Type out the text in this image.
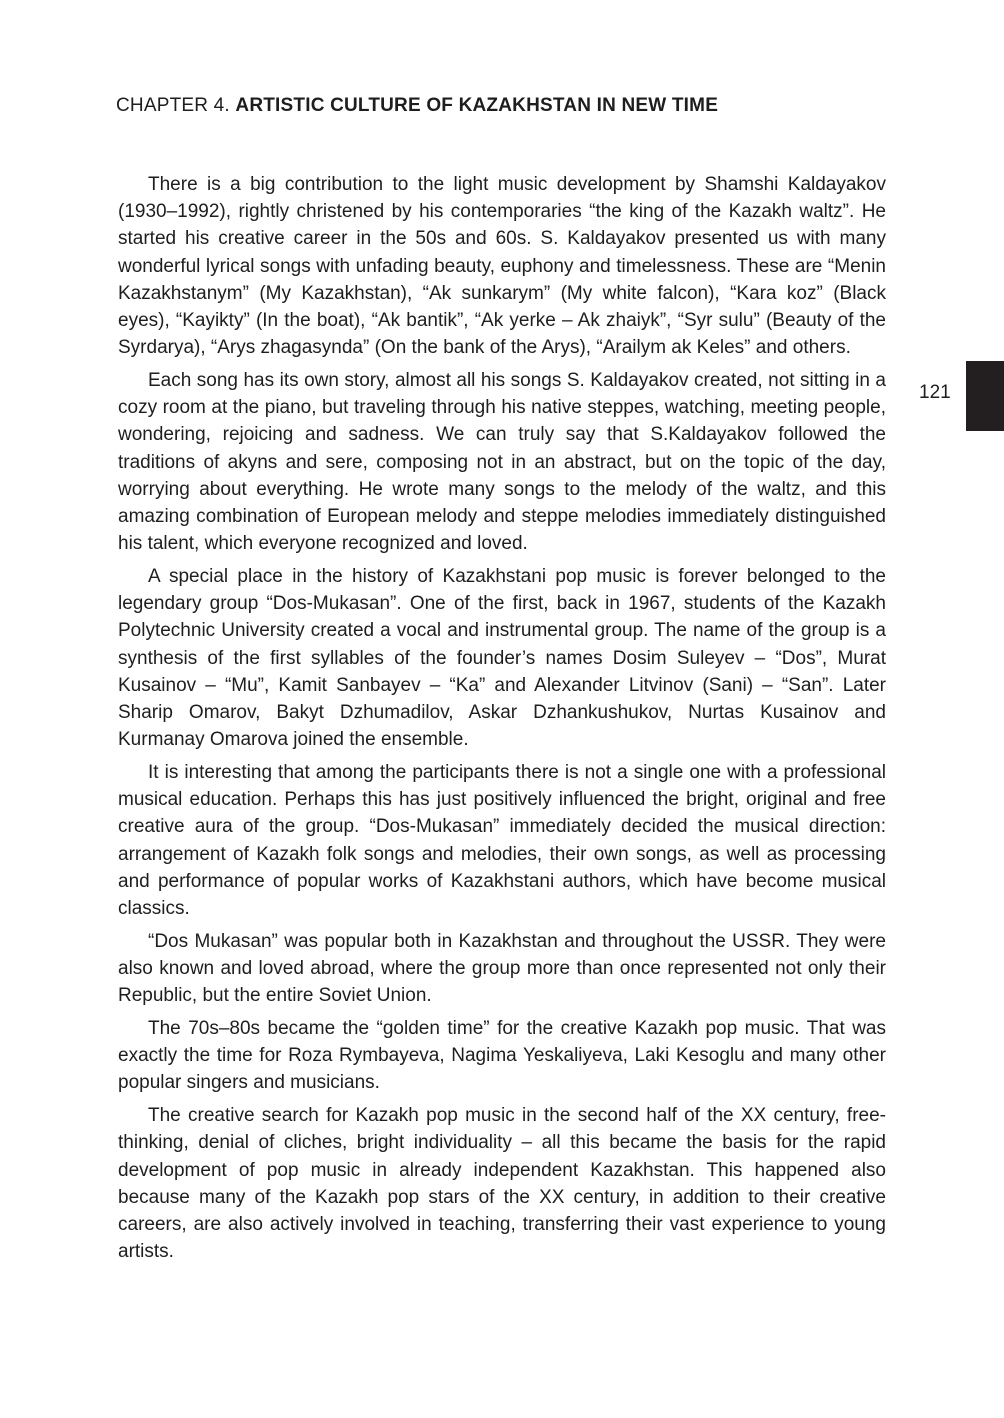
CHAPTER 4. ARTISTIC CULTURE OF KAZAKHSTAN IN NEW TIME

There is a big contribution to the light music development by Shamshi Kaldayakov (1930–1992), rightly christened by his contemporaries “the king of the Kazakh waltz”. He started his creative career in the 50s and 60s. S. Kaldayakov presented us with many wonderful lyrical songs with unfading beauty, euphony and timelessness. These are “Menin Kazakhstanym” (My Kazakhstan), “Ak sunkarym” (My white falcon), “Kara koz” (Black eyes), “Kayikty” (In the boat), “Ak bantik”, “Ak yerke – Ak zhaiyk”, “Syr sulu” (Beauty of the Syrdarya), “Arys zhagasynda” (On the bank of the Arys), “Arailym ak Keles” and others.

Each song has its own story, almost all his songs S. Kaldayakov created, not sitting in a cozy room at the piano, but traveling through his native steppes, watching, meeting people, wondering, rejoicing and sadness. We can truly say that S.Kaldayakov followed the traditions of akyns and sere, composing not in an abstract, but on the topic of the day, worrying about everything. He wrote many songs to the melody of the waltz, and this amazing combination of European melody and steppe melodies immediately distinguished his talent, which everyone recognized and loved.

A special place in the history of Kazakhstani pop music is forever belonged to the legendary group “Dos-Mukasan”. One of the first, back in 1967, students of the Kazakh Polytechnic University created a vocal and instrumental group. The name of the group is a synthesis of the first syllables of the founder’s names Dosim Suleyev – “Dos”, Murat Kusainov – “Mu”, Kamit Sanbayev – “Ka” and Alexander Litvinov (Sani) – “San”. Later Sharip Omarov, Bakyt Dzhumadilov, Askar Dzhankushukov, Nurtas Kusainov and Kurmanay Omarova joined the ensemble.

It is interesting that among the participants there is not a single one with a professional musical education. Perhaps this has just positively influenced the bright, original and free creative aura of the group. “Dos-Mukasan” immediately decided the musical direction: arrangement of Kazakh folk songs and melodies, their own songs, as well as processing and performance of popular works of Kazakhstani authors, which have become musical classics.

“Dos Mukasan” was popular both in Kazakhstan and throughout the USSR. They were also known and loved abroad, where the group more than once represented not only their Republic, but the entire Soviet Union.

The 70s–80s became the “golden time” for the creative Kazakh pop music. That was exactly the time for Roza Rymbayeva, Nagima Yeskaliyeva, Laki Kesoglu and many other popular singers and musicians.

The creative search for Kazakh pop music in the second half of the XX century, free-thinking, denial of cliches, bright individuality – all this became the basis for the rapid development of pop music in already independent Kazakhstan. This happened also because many of the Kazakh pop stars of the XX century, in addition to their creative careers, are also actively involved in teaching, transferring their vast experience to young artists.

121
